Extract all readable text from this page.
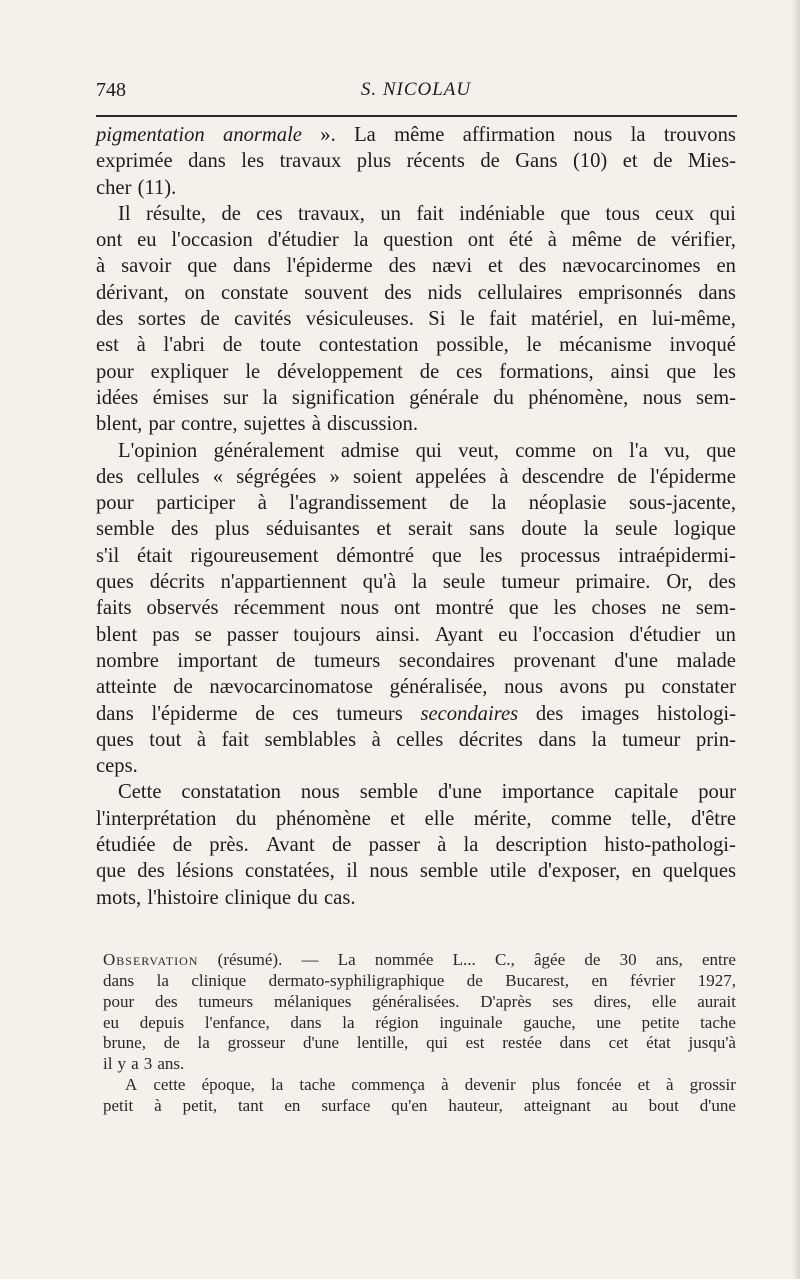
748	S. NICOLAU
pigmentation anormale ». La même affirmation nous la trouvons
exprimée dans les travaux plus récents de Gans (10) et de Mies-
cher (11).
Il résulte, de ces travaux, un fait indéniable que tous ceux qui
ont eu l'occasion d'étudier la question ont été à même de vérifier,
à savoir que dans l'épiderme des nævi et des nævocarcinomes en
dérivant, on constate souvent des nids cellulaires emprisonnés dans
des sortes de cavités vésiculeuses. Si le fait matériel, en lui-même,
est à l'abri de toute contestation possible, le mécanisme invoqué
pour expliquer le développement de ces formations, ainsi que les
idées émises sur la signification générale du phénomène, nous sem-
blent, par contre, sujettes à discussion.
L'opinion généralement admise qui veut, comme on l'a vu, que
des cellules « ségrégées » soient appelées à descendre de l'épiderme
pour participer à l'agrandissement de la néoplasie sous-jacente,
semble des plus séduisantes et serait sans doute la seule logique
s'il était rigoureusement démontré que les processus intraépidermi-
ques décrits n'appartiennent qu'à la seule tumeur primaire. Or, des
faits observés récemment nous ont montré que les choses ne sem-
blent pas se passer toujours ainsi. Ayant eu l'occasion d'étudier un
nombre important de tumeurs secondaires provenant d'une malade
atteinte de nævocarcinomatose généralisée, nous avons pu constater
dans l'épiderme de ces tumeurs secondaires des images histologi-
ques tout à fait semblables à celles décrites dans la tumeur prin-
ceps.
Cette constatation nous semble d'une importance capitale pour
l'interprétation du phénomène et elle mérite, comme telle, d'être
étudiée de près. Avant de passer à la description histo-pathologi-
que des lésions constatées, il nous semble utile d'exposer, en quelques
mots, l'histoire clinique du cas.
Observation (résumé). — La nommée L... C., âgée de 30 ans, entre
dans la clinique dermato-syphiligraphique de Bucarest, en février 1927,
pour des tumeurs mélaniques généralisées. D'après ses dires, elle aurait
eu depuis l'enfance, dans la région inguinale gauche, une petite tache
brune, de la grosseur d'une lentille, qui est restée dans cet état jusqu'à
il y a 3 ans.
A cette époque, la tache commença à devenir plus foncée et à grossir
petit à petit, tant en surface qu'en hauteur, atteignant au bout d'une
